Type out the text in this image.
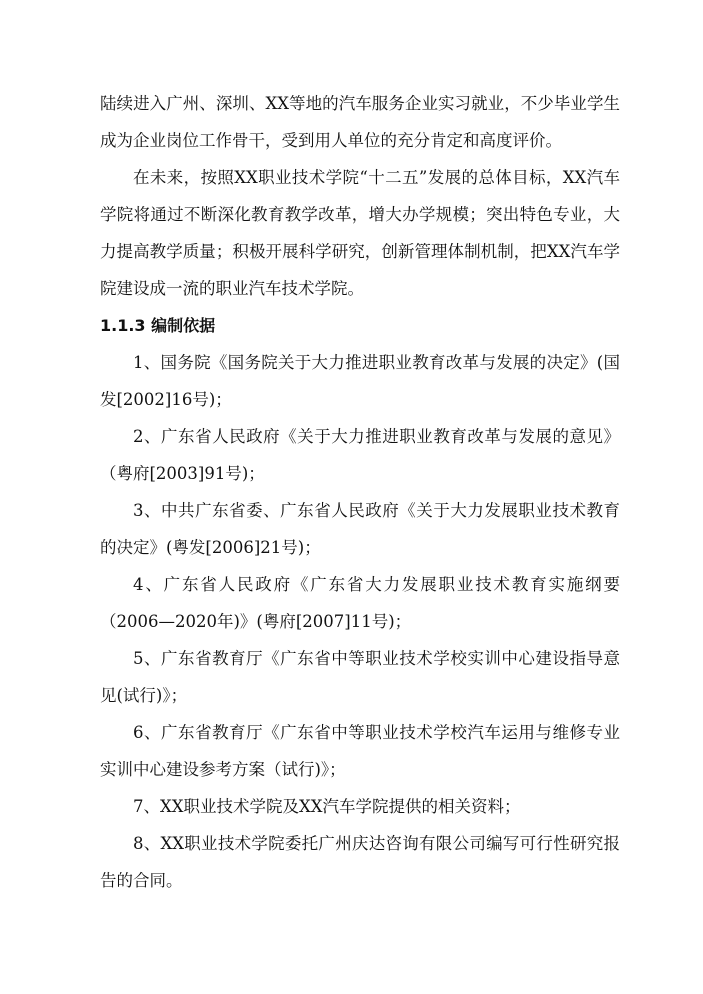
陆续进入广州、深圳、XX等地的汽车服务企业实习就业，不少毕业学生成为企业岗位工作骨干，受到用人单位的充分肯定和高度评价。

在未来，按照XX职业技术学院“十二五”发展的总体目标，XX汽车学院将通过不断深化教育教学改革，增大办学规模；突出特色专业，大力提高教学质量；积极开展科学研究，创新管理体制机制，把XX汽车学院建设成一流的职业汽车技术学院。

1.1.3 编制依据

1、国务院《国务院关于大力推进职业教育改革与发展的决定》(国发[2002]16号)；

2、广东省人民政府《关于大力推进职业教育改革与发展的意见》（粤府[2003]91号)；

3、中共广东省委、广东省人民政府《关于大力发展职业技术教育的决定》(粤发[2006]21号)；

4、广东省人民政府《广东省大力发展职业技术教育实施纲要（2006—2020年)》(粤府[2007]11号)；

5、广东省教育厅《广东省中等职业技术学校实训中心建设指导意见(试行)》；

6、广东省教育厅《广东省中等职业技术学校汽车运用与维修专业实训中心建设参考方案（试行)》；

7、XX职业技术学院及XX汽车学院提供的相关资料；

8、XX职业技术学院委托广州庆达咨询有限公司编写可行性研究报告的合同。
